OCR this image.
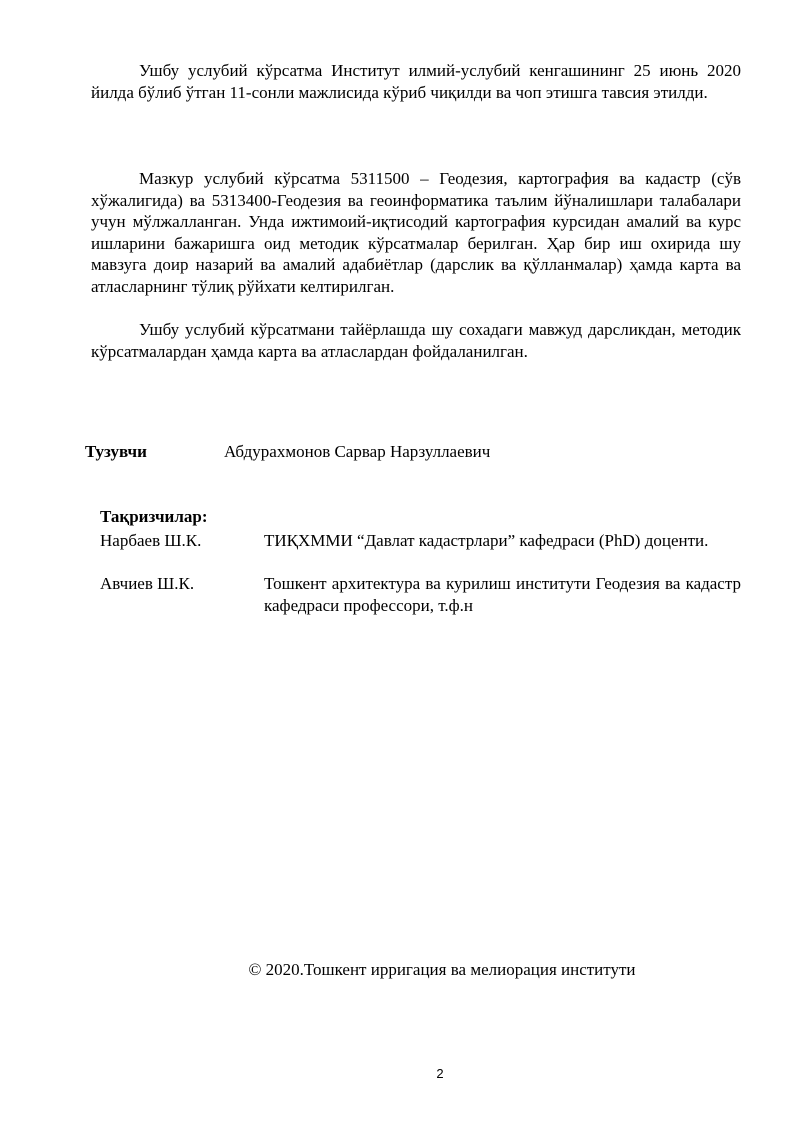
Ушбу услубий кўрсатма Институт илмий-услубий кенгашининг 25 июнь 2020 йилда бўлиб ўтган 11-сонли мажлисида кўриб чиқилди ва чоп этишга тавсия этилди.

Мазкур услубий кўрсатма 5311500 – Геодезия, картография ва кадастр (сўв хўжалигида) ва 5313400-Геодезия ва геоинформатика таълим йўналишлари талабалари учун мўлжалланган. Унда ижтимоий-иқтисодий картография курсидан амалий ва курс ишларини бажаришга оид методик кўрсатмалар берилган. Ҳар бир иш охирида шу мавзуга доир назарий ва амалий адабиётлар (дарслик ва қўлланмалар) ҳамда карта ва атласларнинг тўлиқ рўйхати келтирилган.

Ушбу услубий кўрсатмани тайёрлашда шу сохадаги мавжуд дарсликдан, методик кўрсатмалардан ҳамда карта ва атласлардан фойдаланилган.

Тузувчи	Абдурахмонов Сарвар Нарзуллаевич
Тақризчилар:
Нарбаев Ш.К.	ТИҚХММИ “Давлат кадастрлари” кафедраси (PhD) доценти.
Авчиев Ш.К.	Тошкент архитектура ва курилиш институти Геодезия ва кадастр кафедраси профессори, т.ф.н
© 2020.Тошкент ирригация ва мелиорация институти
2
